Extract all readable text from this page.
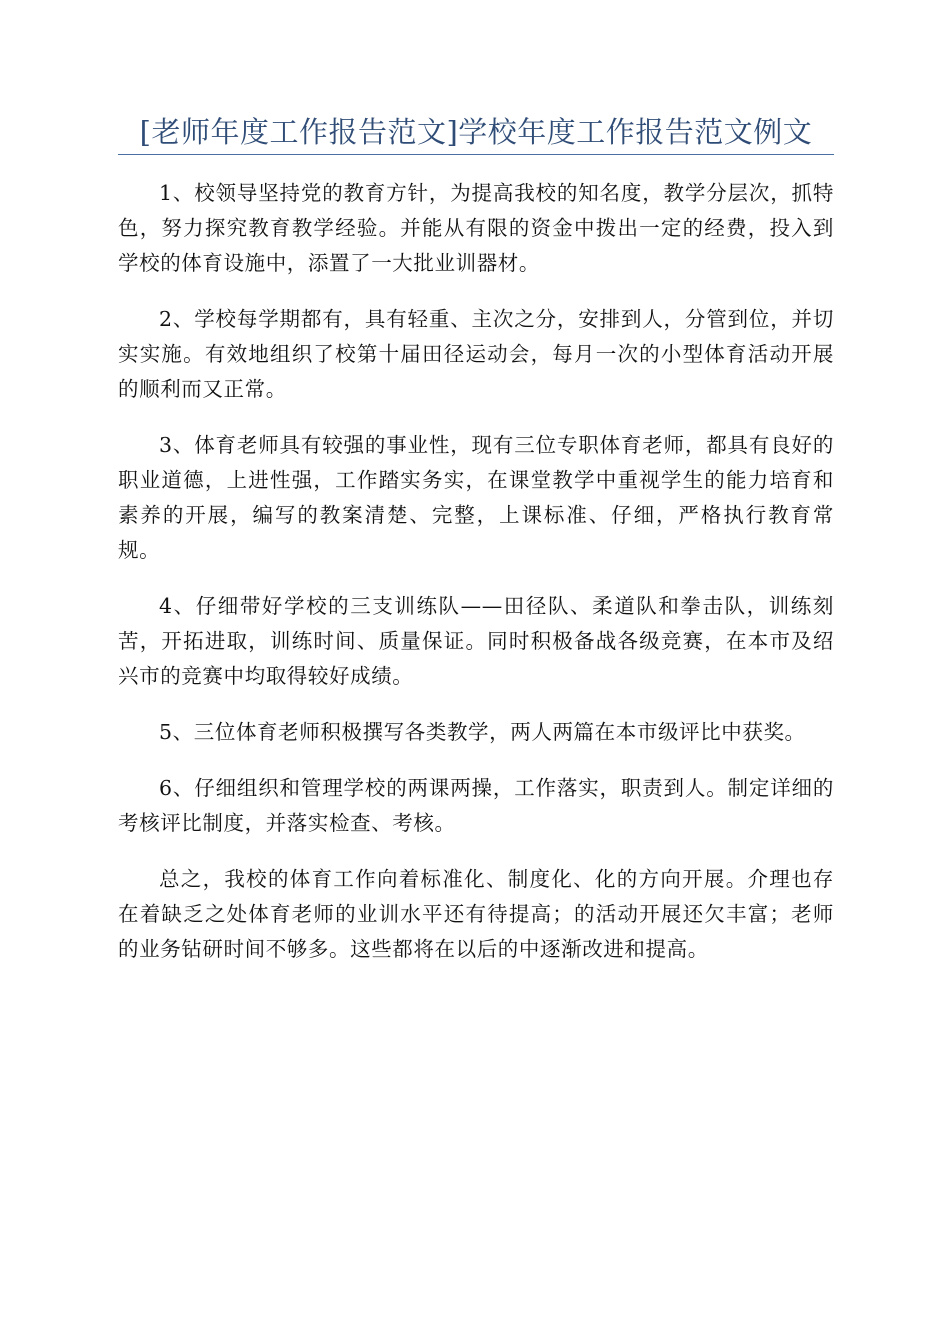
[老师年度工作报告范文]学校年度工作报告范文例文

1、校领导坚持党的教育方针，为提高我校的知名度，教学分层次，抓特色，努力探究教育教学经验。并能从有限的资金中拨出一定的经费，投入到学校的体育设施中，添置了一大批业训器材。

2、学校每学期都有，具有轻重、主次之分，安排到人，分管到位，并切实实施。有效地组织了校第十届田径运动会，每月一次的小型体育活动开展的顺利而又正常。

3、体育老师具有较强的事业性，现有三位专职体育老师，都具有良好的职业道德，上进性强，工作踏实务实，在课堂教学中重视学生的能力培育和素养的开展，编写的教案清楚、完整，上课标准、仔细，严格执行教育常规。

4、仔细带好学校的三支训练队——田径队、柔道队和拳击队，训练刻苦，开拓进取，训练时间、质量保证。同时积极备战各级竞赛，在本市及绍兴市的竞赛中均取得较好成绩。

5、三位体育老师积极撰写各类教学，两人两篇在本市级评比中获奖。

6、仔细组织和管理学校的两课两操，工作落实，职责到人。制定详细的考核评比制度，并落实检查、考核。

总之，我校的体育工作向着标准化、制度化、化的方向开展。介理也存在着缺乏之处体育老师的业训水平还有待提高；的活动开展还欠丰富；老师的业务钻研时间不够多。这些都将在以后的中逐渐改进和提高。
